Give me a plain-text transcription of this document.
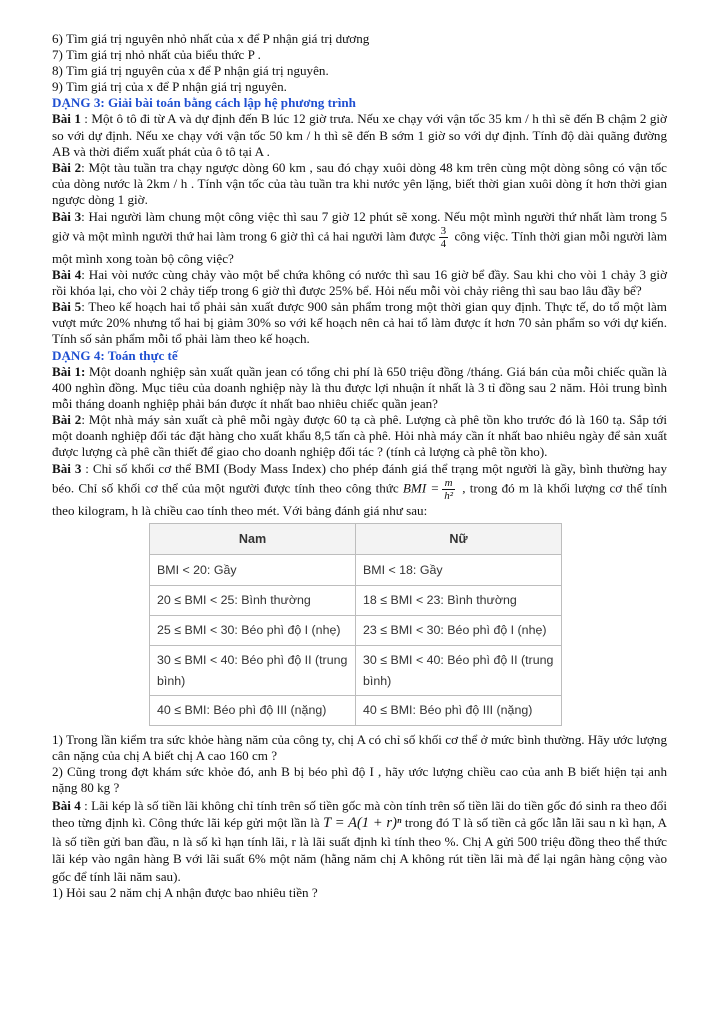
6) Tìm giá trị nguyên nhỏ nhất của x để P nhận giá trị dương

7) Tìm giá trị nhỏ nhất của biểu thức P .

8) Tìm giá trị nguyên của x để P nhận giá trị nguyên.

9) Tìm giá trị của x để P nhận giá trị nguyên.

DẠNG 3: Giải bài toán bằng cách lập hệ phương trình

Bài 1 : Một ô tô đi từ A và dự định đến B lúc 12 giờ trưa. Nếu xe chạy với vận tốc 35 km / h thì sẽ đến B chậm 2 giờ so với dự định. Nếu xe chạy với vận tốc 50 km / h thì sẽ đến B sớm 1 giờ so với dự định. Tính độ dài quãng đường AB và thời điểm xuất phát của ô tô tại A .

Bài 2: Một tàu tuần tra chạy ngược dòng 60 km , sau đó chạy xuôi dòng 48 km trên cùng một dòng sông có vận tốc của dòng nước là 2km / h . Tính vận tốc của tàu tuần tra khi nước yên lặng, biết thời gian xuôi dòng ít hơn thời gian ngược dòng 1 giờ.

Bài 3: Hai người làm chung một công việc thì sau 7 giờ 12 phút sẽ xong. Nếu một mình người thứ nhất làm trong 5 giờ và một mình người thứ hai làm trong 6 giờ thì cả hai người làm được $\frac{3}{4}$ công việc. Tính thời gian mỗi người làm một mình xong toàn bộ công việc?

Bài 4: Hai vòi nước cùng chảy vào một bể chứa không có nước thì sau 16 giờ bể đầy. Sau khi cho vòi 1 chảy 3 giờ rồi khóa lại, cho vòi 2 chảy tiếp trong 6 giờ thì được 25% bể. Hỏi nếu mỗi vòi chảy riêng thì sau bao lâu đầy bể?

Bài 5: Theo kế hoạch hai tổ phải sản xuất được 900 sản phẩm trong một thời gian quy định. Thực tế, do tổ một làm vượt mức 20% nhưng tổ hai bị giảm 30% so với kế hoạch nên cả hai tổ làm được ít hơn 70 sản phẩm so với dự kiến. Tính số sản phẩm mỗi tổ phải làm theo kế hoạch.

DẠNG 4: Toán thực tế

Bài 1: Một doanh nghiệp sản xuất quần jean có tổng chi phí là 650 triệu đồng /tháng. Giá bán của mỗi chiếc quần là 400 nghìn đồng. Mục tiêu của doanh nghiệp này là thu được lợi nhuận ít nhất là 3 tỉ đồng sau 2 năm. Hỏi trung bình mỗi tháng doanh nghiệp phải bán được ít nhất bao nhiêu chiếc quần jean?

Bài 2: Một nhà máy sản xuất cà phê mỗi ngày được 60 tạ cà phê. Lượng cà phê tồn kho trước đó là 160 tạ. Sắp tới một doanh nghiệp đối tác đặt hàng cho xuất khẩu 8,5 tấn cà phê. Hỏi nhà máy cần ít nhất bao nhiêu ngày để sản xuất được lượng cà phê cần thiết để giao cho doanh nghiệp đối tác ? (tính cả lượng cà phê tồn kho).

Bài 3 : Chỉ số khối cơ thể BMI (Body Mass Index) cho phép đánh giá thể trạng một người là gầy, bình thường hay béo. Chỉ số khối cơ thể của một người được tính theo công thức BMI = $\frac{m}{\text{h²}}$ , trong đó m là khối lượng cơ thể tính theo kilogram, h là chiều cao tính theo mét. Với bảng đánh giá như sau:

Nam	Nữ
BMI < 20: Gầy	BMI < 18: Gầy
20 ≤ BMI < 25: Bình thường	18 ≤ BMI < 23: Bình thường
25 ≤ BMI < 30: Béo phì độ I (nhẹ)	23 ≤ BMI < 30: Béo phì độ I (nhẹ)
30 ≤ BMI < 40: Béo phì độ II (trung bình)	30 ≤ BMI < 40: Béo phì độ II (trung bình)
40 ≤ BMI: Béo phì độ III (nặng)	40 ≤ BMI: Béo phì độ III (nặng)

1) Trong lần kiểm tra sức khỏe hàng năm của công ty, chị A có chỉ số khối cơ thể ở mức bình thường. Hãy ước lượng cân nặng của chị A biết chị A cao 160 cm ?

2) Cũng trong đợt khám sức khỏe đó, anh B bị béo phì độ I , hãy ước lượng chiều cao của anh B biết hiện tại anh nặng 80 kg ?

Bài 4 : Lãi kép là số tiền lãi không chỉ tính trên số tiền gốc mà còn tính trên số tiền lãi do tiền gốc đó sinh ra theo đổi theo từng định kì. Công thức lãi kép gửi một lần là T = A(1 + r)ⁿ trong đó T là số tiền cả gốc lẫn lãi sau n kì hạn, A là số tiền gửi ban đầu, n là số kì hạn tính lãi, r là lãi suất định kì tính theo %. Chị A gửi 500 triệu đồng theo thể thức lãi kép vào ngân hàng B với lãi suất 6% một năm (hằng năm chị A không rút tiền lãi mà để lại ngân hàng cộng vào gốc để tính lãi năm sau).

1) Hỏi sau 2 năm chị A nhận được bao nhiêu tiền ?
